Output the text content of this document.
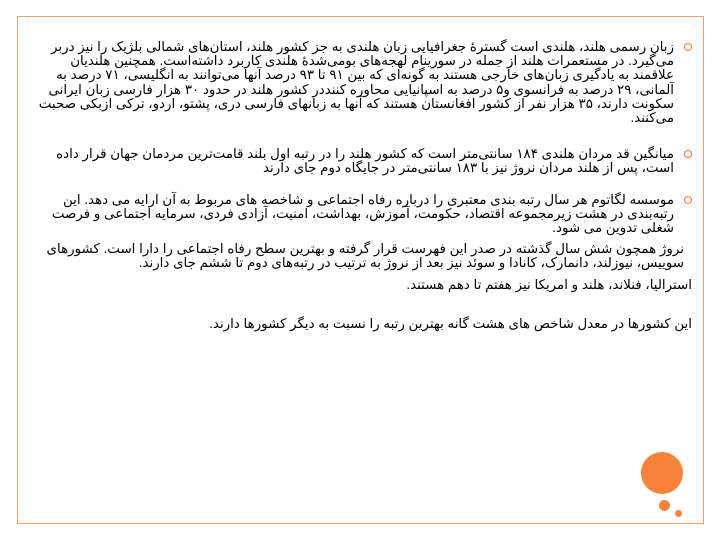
زبان رسمی هلند، هلندی است گسترهٔ جغرافیایی زبان هلندی به جز کشور هلند، استان‌های شمالی بلژیک را نیز دربر می‌گیرد. در مستعمرات هلند از جمله در سورینام لهجه‌های بومی‌شدهٔ هلندی کاربرد داشته‌است. همچنین هلندیان علاقمند به یادگیری زبان‌های خارجی هستند به گونه‌ای که بین ۹۱ تا ۹۳ درصد آنها می‌توانند به انگلیسی، ۷۱ درصد به آلمانی، ۲۹ درصد به فرانسوی و۵ درصد به اسپانیایی محاوره کننددر کشور هلند در حدود ۳۰ هزار فارسی زبان ایرانی سکونت دارند، ۳۵ هزار نفر از کشور افغانستان هستند که آنها به زبانهای فارسی دری، پشتو، اردو، ترکی ازبکی صحبت می‌کنند.
میانگین قد مردان هلندی ۱۸۴ سانتی‌متر است که کشور هلند را در رتبه اول بلند قامت‌ترین مردمان جهان قرار داده است، پس از هلند مردان نروژ نیز با ۱۸۳ سانتی‌متر در جایگاه دوم جای دارند
موسسه لگاتوم هر سال رتبه بندی معتبری را درباره رفاه اجتماعی و شاخصه های مربوط به آن ارایه می دهد. این رتبه‌بندی در هشت زیرمجموعه اقتصاد، حکومت، آموزش، بهداشت، امنیت، آزادی فردی، سرمایه اجتماعی و فرصت شغلی تدوین می شود.
نروژ همچون شش سال گذشته در صدر این فهرست قرار گرفته و بهترین سطح رفاه اجتماعی را دارا است. کشورهای سوییس، نیوزلند، دانمارک، کانادا و سوئد نیز بعد از نروژ به ترتیب در رتبه‌های دوم تا ششم جای دارند.
استرالیا، فنلاند، هلند و امریکا نیز هفتم تا دهم هستند.
این کشورها در معدل شاخص های هشت گانه بهترین رتبه را نسبت به دیگر کشورها دارند.
